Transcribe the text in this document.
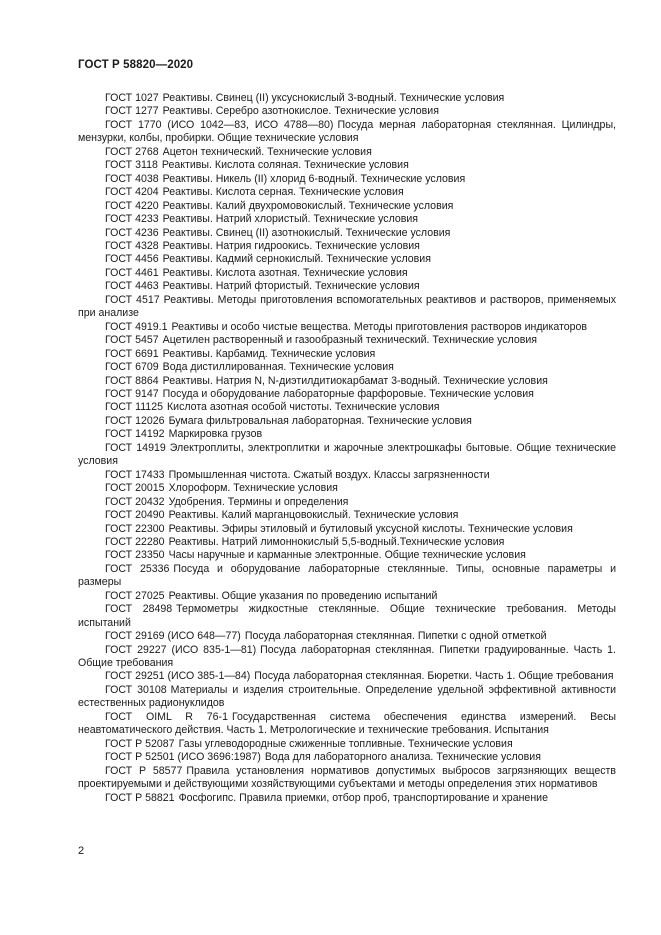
ГОСТ Р 58820—2020

ГОСТ 1027 Реактивы. Свинец (II) уксуснокислый 3-водный. Технические условия

ГОСТ 1277 Реактивы. Серебро азотнокислое. Технические условия

ГОСТ 1770 (ИСО 1042—83, ИСО 4788—80) Посуда мерная лабораторная стеклянная. Цилиндры, мензурки, колбы, пробирки. Общие технические условия

ГОСТ 2768 Ацетон технический. Технические условия

ГОСТ 3118 Реактивы. Кислота соляная. Технические условия

ГОСТ 4038 Реактивы. Никель (II) хлорид 6-водный. Технические условия

ГОСТ 4204 Реактивы. Кислота серная. Технические условия

ГОСТ 4220 Реактивы. Калий двухромовокислый. Технические условия

ГОСТ 4233 Реактивы. Натрий хлористый. Технические условия

ГОСТ 4236 Реактивы. Свинец (II) азотнокислый. Технические условия

ГОСТ 4328 Реактивы. Натрия гидроокись. Технические условия

ГОСТ 4456 Реактивы. Кадмий сернокислый. Технические условия

ГОСТ 4461 Реактивы. Кислота азотная. Технические условия

ГОСТ 4463 Реактивы. Натрий фтористый. Технические условия

ГОСТ 4517 Реактивы. Методы приготовления вспомогательных реактивов и растворов, применяемых при анализе

ГОСТ 4919.1 Реактивы и особо чистые вещества. Методы приготовления растворов индикаторов

ГОСТ 5457 Ацетилен растворенный и газообразный технический. Технические условия

ГОСТ 6691 Реактивы. Карбамид. Технические условия

ГОСТ 6709 Вода дистиллированная. Технические условия

ГОСТ 8864 Реактивы. Натрия N, N-диэтилдитиокарбамат 3-водный. Технические условия

ГОСТ 9147 Посуда и оборудование лабораторные фарфоровые. Технические условия

ГОСТ 11125 Кислота азотная особой чистоты. Технические условия

ГОСТ 12026 Бумага фильтровальная лабораторная. Технические условия

ГОСТ 14192 Маркировка грузов

ГОСТ 14919 Электроплиты, электроплитки и жарочные электрошкафы бытовые. Общие технические условия

ГОСТ 17433 Промышленная чистота. Сжатый воздух. Классы загрязненности

ГОСТ 20015 Хлороформ. Технические условия

ГОСТ 20432 Удобрения. Термины и определения

ГОСТ 20490 Реактивы. Калий марганцовокислый. Технические условия

ГОСТ 22300 Реактивы. Эфиры этиловый и бутиловый уксусной кислоты. Технические условия

ГОСТ 22280 Реактивы. Натрий лимоннокислый 5,5-водный.Технические условия

ГОСТ 23350 Часы наручные и карманные электронные. Общие технические условия

ГОСТ 25336 Посуда и оборудование лабораторные стеклянные. Типы, основные параметры и размеры

ГОСТ 27025 Реактивы. Общие указания по проведению испытаний

ГОСТ 28498 Термометры жидкостные стеклянные. Общие технические требования. Методы испытаний

ГОСТ 29169 (ИСО 648—77) Посуда лабораторная стеклянная. Пипетки с одной отметкой

ГОСТ 29227 (ИСО 835-1—81) Посуда лабораторная стеклянная. Пипетки градуированные. Часть 1. Общие требования

ГОСТ 29251 (ИСО 385-1—84) Посуда лабораторная стеклянная. Бюретки. Часть 1. Общие требования

ГОСТ 30108 Материалы и изделия строительные. Определение удельной эффективной активности естественных радионуклидов

ГОСТ OIML R 76-1 Государственная система обеспечения единства измерений. Весы неавтоматического действия. Часть 1. Метрологические и технические требования. Испытания

ГОСТ Р 52087 Газы углеводородные сжиженные топливные. Технические условия

ГОСТ Р 52501 (ИСО 3696:1987) Вода для лабораторного анализа. Технические условия

ГОСТ Р 58577 Правила установления нормативов допустимых выбросов загрязняющих веществ проектируемыми и действующими хозяйствующими субъектами и методы определения этих нормативов

ГОСТ Р 58821 Фосфогипс. Правила приемки, отбор проб, транспортирование и хранение

2
